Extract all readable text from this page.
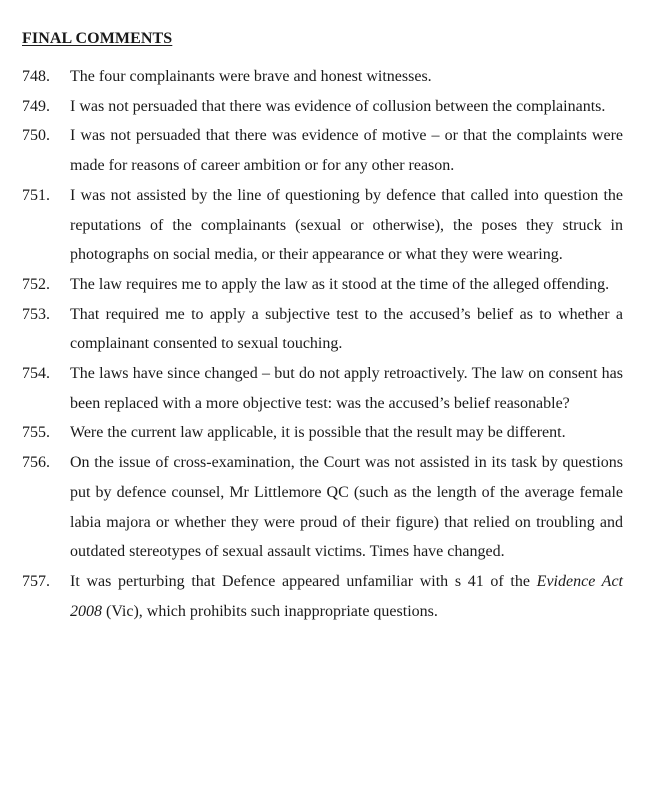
FINAL COMMENTS
748.	The four complainants were brave and honest witnesses.
749.	I was not persuaded that there was evidence of collusion between the complainants.
750.	I was not persuaded that there was evidence of motive – or that the complaints were made for reasons of career ambition or for any other reason.
751.	I was not assisted by the line of questioning by defence that called into question the reputations of the complainants (sexual or otherwise), the poses they struck in photographs on social media, or their appearance or what they were wearing.
752.	The law requires me to apply the law as it stood at the time of the alleged offending.
753.	That required me to apply a subjective test to the accused’s belief as to whether a complainant consented to sexual touching.
754.	The laws have since changed – but do not apply retroactively. The law on consent has been replaced with a more objective test: was the accused’s belief reasonable?
755.	Were the current law applicable, it is possible that the result may be different.
756.	On the issue of cross-examination, the Court was not assisted in its task by questions put by defence counsel, Mr Littlemore QC (such as the length of the average female labia majora or whether they were proud of their figure) that relied on troubling and outdated stereotypes of sexual assault victims. Times have changed.
757.	It was perturbing that Defence appeared unfamiliar with s 41 of the Evidence Act 2008 (Vic), which prohibits such inappropriate questions.
